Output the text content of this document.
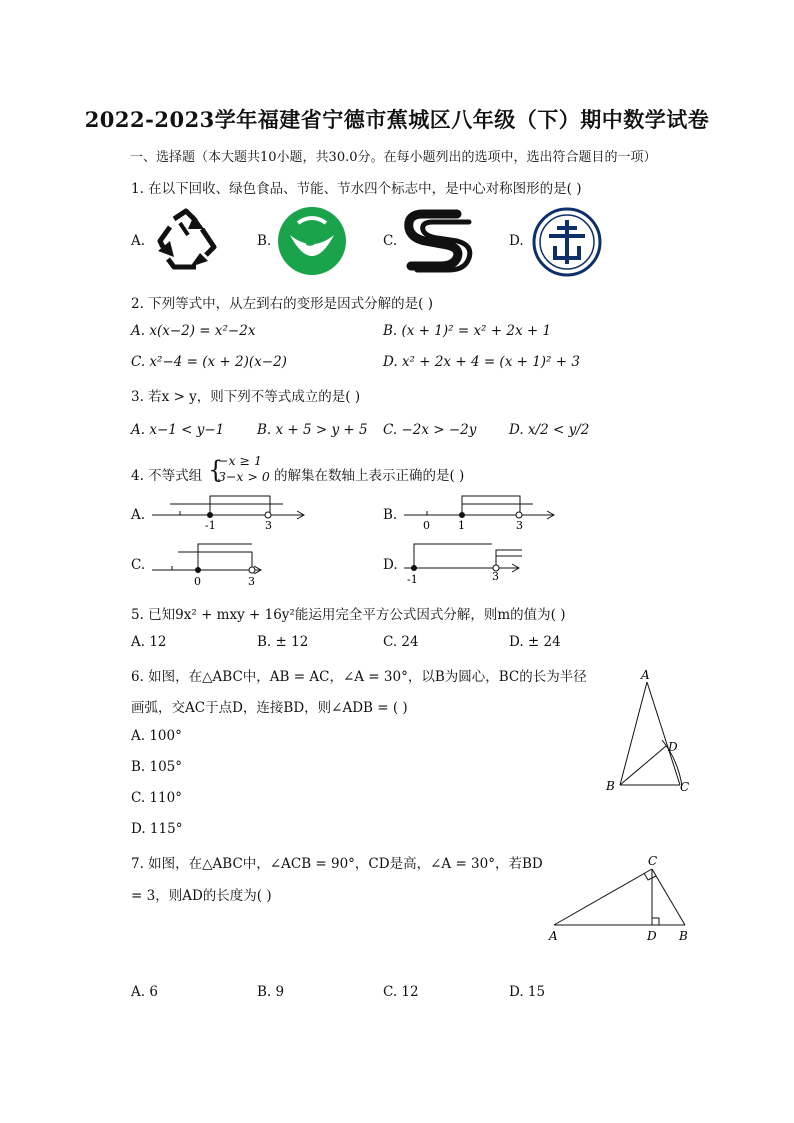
2022-2023学年福建省宁德市蕉城区八年级（下）期中数学试卷
一、选择题（本大题共10小题，共30.0分。在每小题列出的选项中，选出符合题目的一项）
1. 在以下回收、绿色食品、节能、节水四个标志中，是中心对称图形的是( )
A.	B.	C.	D.
2. 下列等式中，从左到右的变形是因式分解的是( )
A. x(x−2) = x²−2x	B. (x + 1)² = x² + 2x + 1
C. x²−4 = (x + 2)(x−2)	D. x² + 2x + 4 = (x + 1)² + 3
3. 若x > y，则下列不等式成立的是( )
A. x−1 < y−1 B. x + 5 > y + 5 C. −2x > −2y D. x/2 < y/2
4. 不等式组 {
−x ≥ 1
3−x > 0 的解集在数轴上表示正确的是( )
A.
-1	3
B.
0	1	3
C.
0	3
D.
-1	3
5. 已知9x² + mxy + 16y²能运用完全平方公式因式分解，则m的值为( )
A. 12	B. ± 12	C. 24	D. ± 24
6. 如图，在△ABC中，AB = AC，∠A = 30°，以B为圆心，BC的长为半径
画弧，交AC于点D，连接BD，则∠ADB = ( )
A. 100°
B. 105°
C. 110°
D. 115°
A
B	C
D
7. 如图，在△ABC中，∠ACB = 90°，CD是高，∠A = 30°，若BD
= 3，则AD的长度为( )
A. 6	B. 9	C. 12	D. 15
C
A	D B
